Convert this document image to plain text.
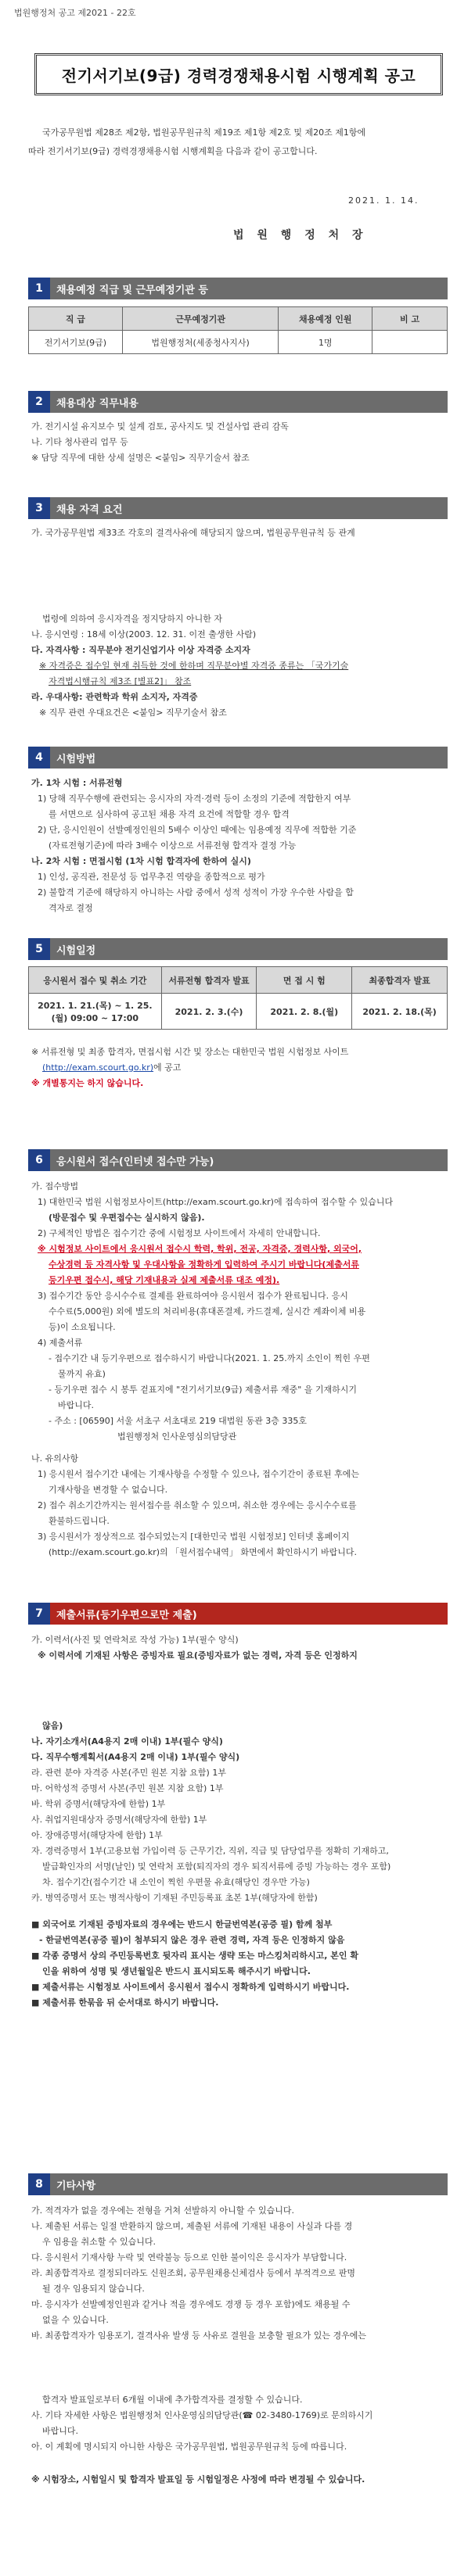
법원행정처 공고 제2021 - 22호
전기서기보(9급) 경력경쟁채용시험 시행계획 공고
국가공무원법 제28조 제2항, 법원공무원규칙 제19조 제1항 제2호 및 제20조 제1항에
따라 전기서기보(9급) 경력경쟁채용시험 시행계획을 다음과 같이 공고합니다.
2021. 1. 14.
법 원 행 정 처 장
1	채용예정 직급 및 근무예정기관 등
직 급	근무예정기관	채용예정 인원	비 고
전기서기보(9급)	법원행정처(세종청사지사)	1명	
2	채용대상 직무내용
가. 전기시설 유지보수 및 설계 검토, 공사지도 및 건설사업 관리 감독
나. 기타 청사관리 업무 등
※ 담당 직무에 대한 상세 설명은 <붙임> 직무기술서 참조
3	채용 자격 요건
가. 국가공무원법 제33조 각호의 결격사유에 해당되지 않으며, 법원공무원규칙 등 관계
법령에 의하여 응시자격을 정지당하지 아니한 자
나. 응시연령 : 18세 이상(2003. 12. 31. 이전 출생한 사람)
다. 자격사항 : 직무분야 전기신업기사 이상 자격증 소지자
※ 자격증은 접수일 현재 취득한 것에 한하며 직무분야별 자격증 종류는 「국가기술
자격법시행규칙 제3조 [별표2]」 참조
라. 우대사항: 관련학과 학위 소지자, 자격증
※ 직무 관련 우대요건은 <붙임> 직무기술서 참조
4	시험방법
가. 1차 시험 : 서류전형
1) 당해 직무수행에 관련되는 응시자의 자격·경력 등이 소정의 기준에 적합한지 여부
를 서면으로 심사하여 공고된 채용 자격 요건에 적합할 경우 합격
2) 단, 응시인원이 선발예정인원의 5배수 이상인 때에는 임용예정 직무에 적합한 기준
(자료전형기준)에 따라 3배수 이상으로 서류전형 합격자 결정 가능
나. 2차 시험 : 면접시험 (1차 시험 합격자에 한하여 실시)
1) 인성, 공직관, 전문성 등 업무추진 역량을 종합적으로 평가
2) 불합격 기준에 해당하지 아니하는 사람 중에서 성적 성적이 가장 우수한 사람을 합
격자로 결정
5	시험일정
응시원서 접수 및 취소 기간	서류전형 합격자 발표	면 접 시 험	최종합격자 발표
2021. 1. 21.(목) ~ 1. 25.(월) 09:00 ~ 17:00	2021. 2. 3.(수)	2021. 2. 8.(월)	2021. 2. 18.(목)
※ 서류전형 및 최종 합격자, 면접시험 시간 및 장소는 대한민국 법원 시험정보 사이트
(http://exam.scourt.go.kr)에 공고
※ 개별통지는 하지 않습니다.
6	응시원서 접수(인터넷 접수만 가능)
가. 접수방법
1) 대한민국 법원 시험정보사이트(http://exam.scourt.go.kr)에 접속하여 접수할 수 있습니다
(방문접수 및 우편접수는 실시하지 않음).
2) 구체적인 방법은 접수기간 중에 시험정보 사이트에서 자세히 안내합니다.
※ 시험정보 사이트에서 응시원서 접수시 학력, 학위, 전공, 자격증, 경력사항, 외국어,
수상경력 등 자격사항 및 우대사항을 정확하게 입력하여 주시기 바랍니다(제출서류
등기우편 접수시, 해당 기재내용과 실제 제출서류 대조 예정).
3) 접수기간 동안 응시수수료 결제를 완료하여야 응시원서 접수가 완료됩니다. 응시
수수료(5,000원) 외에 별도의 처리비용(휴대폰결제, 카드결제, 실시간 계좌이체 비용
등)이 소요됩니다.
4) 제출서류
- 접수기간 내 등기우편으로 접수하시기 바랍니다(2021. 1. 25.까지 소인이 찍힌 우편
물까지 유효)
- 등기우편 접수 시 봉투 겉표지에 "전기서기보(9급) 제출서류 재중" 을 기재하시기
바랍니다.
- 주소 : [06590] 서울 서초구 서초대로 219 대법원 동관 3층 335호
법원행정처 인사운영심의담당관
나. 유의사항
1) 응시원서 접수기간 내에는 기재사항을 수정할 수 있으나, 접수기간이 종료된 후에는
기재사항을 변경할 수 없습니다.
2) 접수 취소기간까지는 원서접수를 취소할 수 있으며, 취소한 경우에는 응시수수료를
환불하드립니다.
3) 응시원서가 정상적으로 접수되었는지 [대한민국 법원 시험정보] 인터넷 홈페이지
(http://exam.scourt.go.kr)의 「원서접수내역」 화면에서 확인하시기 바랍니다.
7	제출서류(등기우편으로만 제출)
가. 이력서(사진 및 연락처로 작성 가능) 1부(필수 양식)
※ 이력서에 기재된 사항은 증빙자료 필요(증빙자료가 없는 경력, 자격 등은 인정하지
않음)
나. 자기소개서(A4용지 2매 이내) 1부(필수 양식)
다. 직무수행계획서(A4용지 2매 이내) 1부(필수 양식)
라. 관련 분야 자격증 사본(주민 원본 지참 요함) 1부
마. 어학성적 증명서 사본(주민 원본 지참 요함) 1부
바. 학위 증명서(해당자에 한함) 1부
사. 취업지원대상자 증명서(해당자에 한함) 1부
아. 장애증명서(해당자에 한함) 1부
자. 경력증명서 1부(고용보험 가입이력 등 근무기간, 직위, 직급 및 담당업무를 정확히 기재하고,
발급확인자의 서명(날인) 및 연락처 포함(퇴직자의 경우 퇴직서류에 증빙 가능하는 경우 포함)
차. 접수기간(접수기간 내 소인이 찍힌 우편물 유효(해당인 경우만 가능)
카. 병역증명서 또는 병적사항이 기재된 주민등록표 초본 1부(해당자에 한함)
■ 외국어로 기재된 증빙자료의 경우에는 반드시 한글번역본(공증 필) 함께 첨부
- 한글번역본(공증 필)이 첨부되지 않은 경우 관련 경력, 자격 등은 인정하지 않음
■ 각종 증명서 상의 주민등록번호 뒷자리 표시는 생략 또는 마스킹처리하시고, 본인 확
인을 위하여 성명 및 생년월일은 반드시 표시되도록 해주시기 바랍니다.
■ 제출서류는 시험정보 사이트에서 응시원서 접수시 정확하게 입력하시기 바랍니다.
■ 제출서류 한묶음 뒤 순서대로 하시기 바랍니다.
8	기타사항
가. 적격자가 없을 경우에는 전형을 거쳐 선발하지 아니할 수 있습니다.
나. 제출된 서류는 일절 반환하지 않으며, 제출된 서류에 기재된 내용이 사실과 다를 경
우 임용을 취소할 수 있습니다.
다. 응시원서 기재사항 누락 및 연락불능 등으로 인한 불이익은 응시자가 부담합니다.
라. 최종합격자로 결정되더라도 신원조회, 공무원채용신체검사 등에서 부적격으로 판명
될 경우 임용되지 않습니다.
마. 응시자가 선발예정인원과 같거나 적을 경우에도 경쟁 등 경우 포함)에도 채용될 수
없을 수 있습니다.
바. 최종합격자가 임용포기, 결격사유 발생 등 사유로 결원을 보충할 필요가 있는 경우에는
합격자 발표일로부터 6개월 이내에 추가합격자를 결정할 수 있습니다.
사. 기타 자세한 사항은 법원행정처 인사운영심의담당관(☎ 02-3480-1769)로 문의하시기
바랍니다.
아. 이 계획에 명시되지 아니한 사항은 국가공무원법, 법원공무원규칙 등에 따릅니다.
※ 시험장소, 시험일시 및 합격자 발표일 등 시험일정은 사정에 따라 변경될 수 있습니다.
